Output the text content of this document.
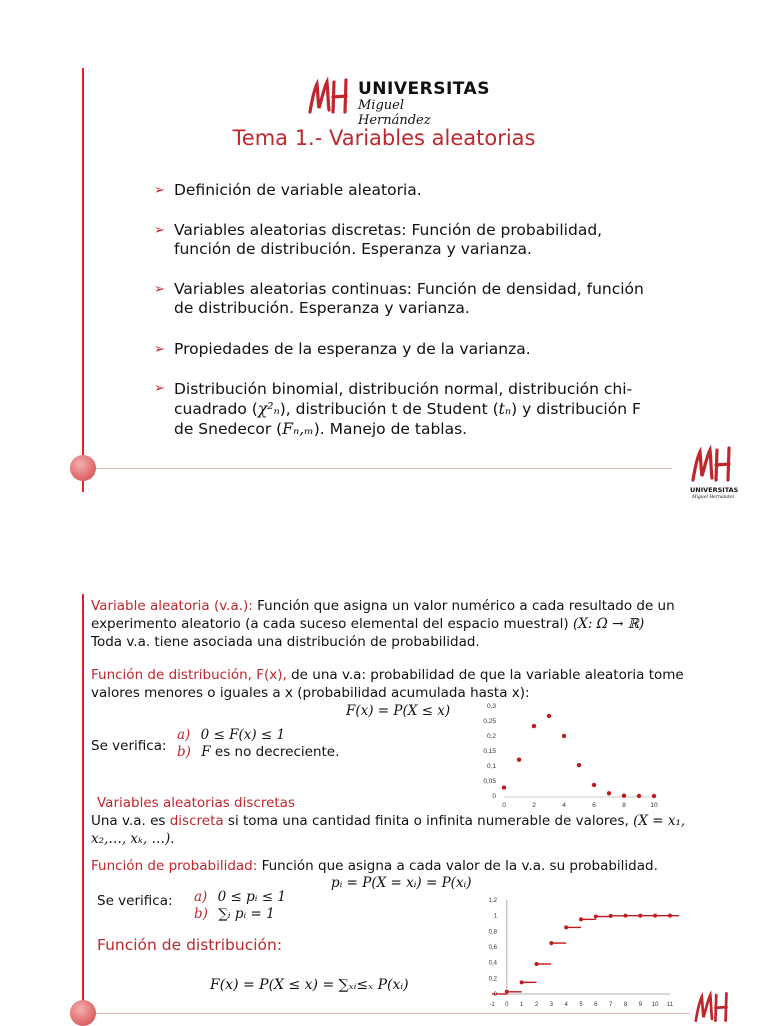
UNIVERSITAS
Miguel Hernández
Tema 1.- Variables aleatorias
➢ Definición de variable aleatoria.
➢ Variables aleatorias discretas: Función de probabilidad, función de distribución. Esperanza y varianza.
➢ Variables aleatorias continuas: Función de densidad, función de distribución. Esperanza y varianza.
➢ Propiedades de la esperanza y de la varianza.
➢ Distribución binomial, distribución normal, distribución chi-cuadrado (χ²ₙ), distribución t de Student (tₙ) y distribución F de Snedecor (Fₙ,ₘ). Manejo de tablas.
UNIVERSITAS
Miguel Hernández
Variable aleatoria (v.a.): Función que asigna un valor numérico a cada resultado de un experimento aleatorio (a cada suceso elemental del espacio muestral) (X: Ω → ℝ)
Toda v.a. tiene asociada una distribución de probabilidad.
Función de distribución, F(x), de una v.a: probabilidad de que la variable aleatoria tome valores menores o iguales a x (probabilidad acumulada hasta x):
F(x) = P(X ≤ x)
Se verifica:
a) 0 ≤ F(x) ≤ 1
b) F es no decreciente.
0
0,05
0,1
0,15
0,2
0,25
0,3
0	2	4	6	8	10
Variables aleatorias discretas
Una v.a. es discreta si toma una cantidad finita o infinita numerable de valores, (X = x₁,
x₂,…, xₖ, …).
Función de probabilidad: Función que asigna a cada valor de la v.a. su probabilidad.
pᵢ = P(X = xᵢ) = P(xᵢ)
Se verifica: a) 0 ≤ pᵢ ≤ 1
b) ∑ᵢ pᵢ = 1
Función de distribución:
F(x) = P(X ≤ x) = ∑ₓᵢ≤ₓ P(xᵢ)
0
0,2
0,4
0,6
0,8
1
1,2
-1 0 1 2 3 4 5 6 7 8 9 10 11
